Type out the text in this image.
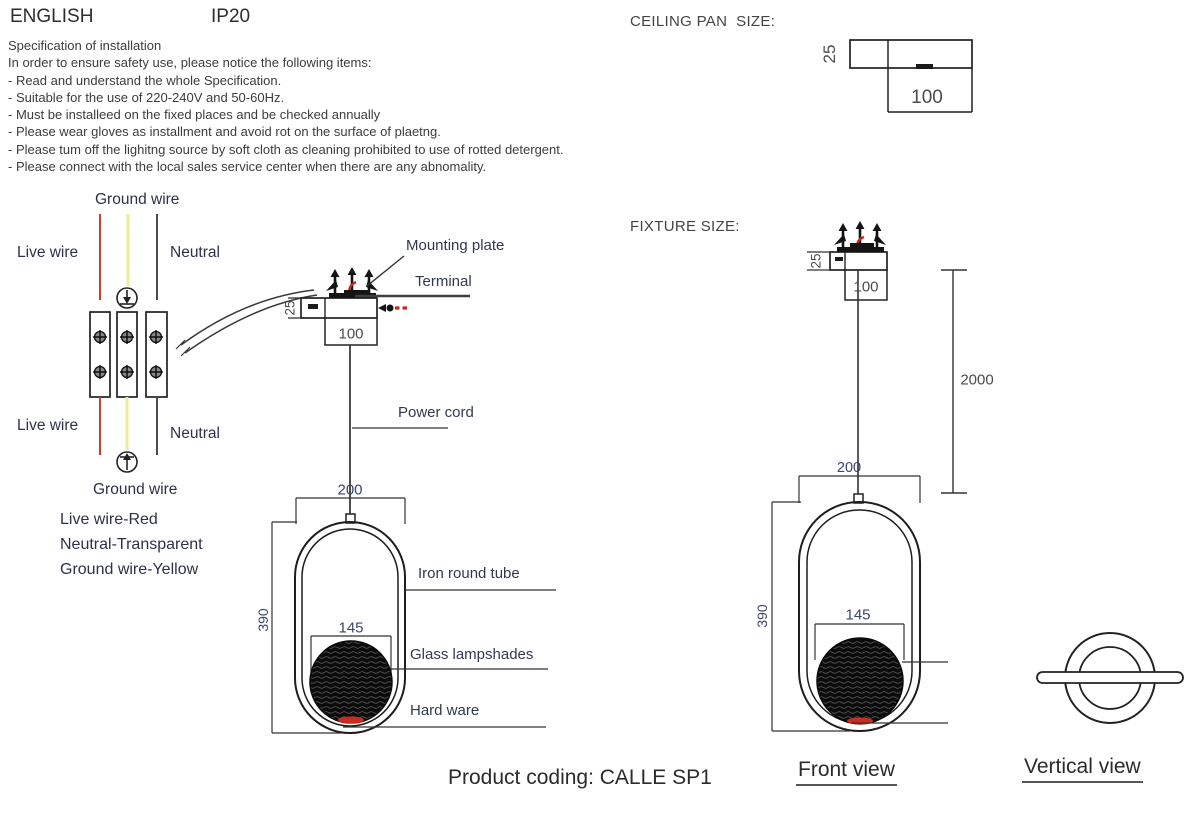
ENGLISH	IP20
Specification of installation
In order to ensure safety use, please notice the following items:
- Read and understand the whole Specification.
- Suitable for the use of 220-240V and 50-60Hz.
- Must be installeed on the fixed places and be checked annually
- Please wear gloves as installment and avoid rot on the surface of plaetng.
- Please tum off the lighitng source by soft cloth as cleaning prohibited to use of rotted detergent.
- Please connect with the local sales service center when there are any abnomality.
Ground wire
Live wire	Neutral
Live wire	Neutral
Ground wire
Live wire-Red
Neutral-Transparent
Ground wire-Yellow
Mounting plate
Terminal
Power cord
Iron round tube
Glass lampshades
Hard ware
25
100
200
390	145
CEILING PAN  SIZE:
25
100
FIXTURE SIZE:
25
100
2000
200
390	145
Product coding: CALLE SP1	Front view	Vertical view
